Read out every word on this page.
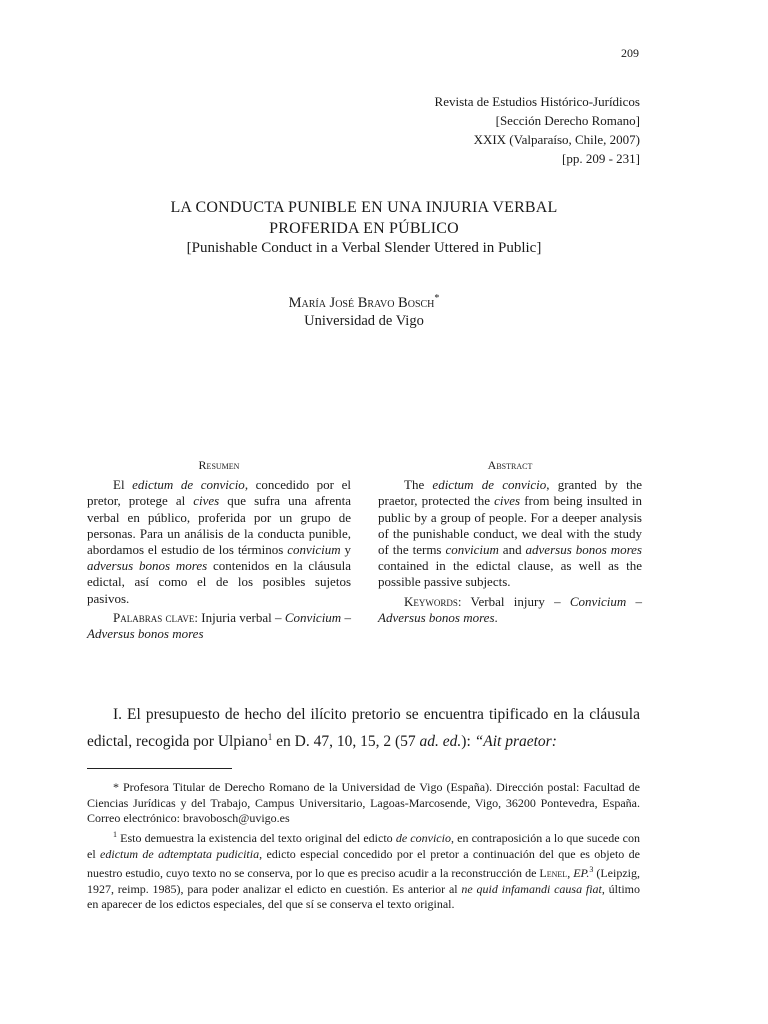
209
Revista de Estudios Histórico-Jurídicos
[Sección Derecho Romano]
XXIX (Valparaíso, Chile, 2007)
[pp. 209 - 231]
LA CONDUCTA PUNIBLE EN UNA INJURIA VERBAL
PROFERIDA EN PÚBLICO
[Punishable Conduct in a Verbal Slender Uttered in Public]
María José Bravo Bosch*
Universidad de Vigo
Resumen

El edictum de convicio, concedido por el pretor, protege al cives que sufra una afrenta verbal en público, proferida por un grupo de personas. Para un análisis de la conducta punible, abordamos el estudio de los términos convicium y adversus bonos mores contenidos en la cláusula edictal, así como el de los posibles sujetos pasivos.

Palabras clave: Injuria verbal – Convicium – Adversus bonos mores

Abstract

The edictum de convicio, granted by the praetor, protected the cives from being insulted in public by a group of people. For a deeper analysis of the punishable conduct, we deal with the study of the terms convicium and adversus bonos mores contained in the edictal clause, as well as the possible passive subjects.

Keywords: Verbal injury – Convicium – Adversus bonos mores.

I. El presupuesto de hecho del ilícito pretorio se encuentra tipificado en la cláusula edictal, recogida por Ulpiano$^1$ en D. 47, 10, 15, 2 (57 ad. ed.): “Ait praetor:
* Profesora Titular de Derecho Romano de la Universidad de Vigo (España). Dirección postal: Facultad de Ciencias Jurídicas y del Trabajo, Campus Universitario, Lagoas-Marcosende, Vigo, 36200 Pontevedra, España. Correo electrónico: bravobosch@uvigo.es
$^1$ Esto demuestra la existencia del texto original del edicto de convicio, en contraposición a lo que sucede con el edictum de adtemptata pudicitia, edicto especial concedido por el pretor a continuación del que es objeto de nuestro estudio, cuyo texto no se conserva, por lo que es preciso acudir a la reconstrucción de Lenel, EP.$^3$ (Leipzig, 1927, reimp. 1985), para poder analizar el edicto en cuestión. Es anterior al ne quid infamandi causa fiat, último en aparecer de los edictos especiales, del que sí se conserva el texto original.
